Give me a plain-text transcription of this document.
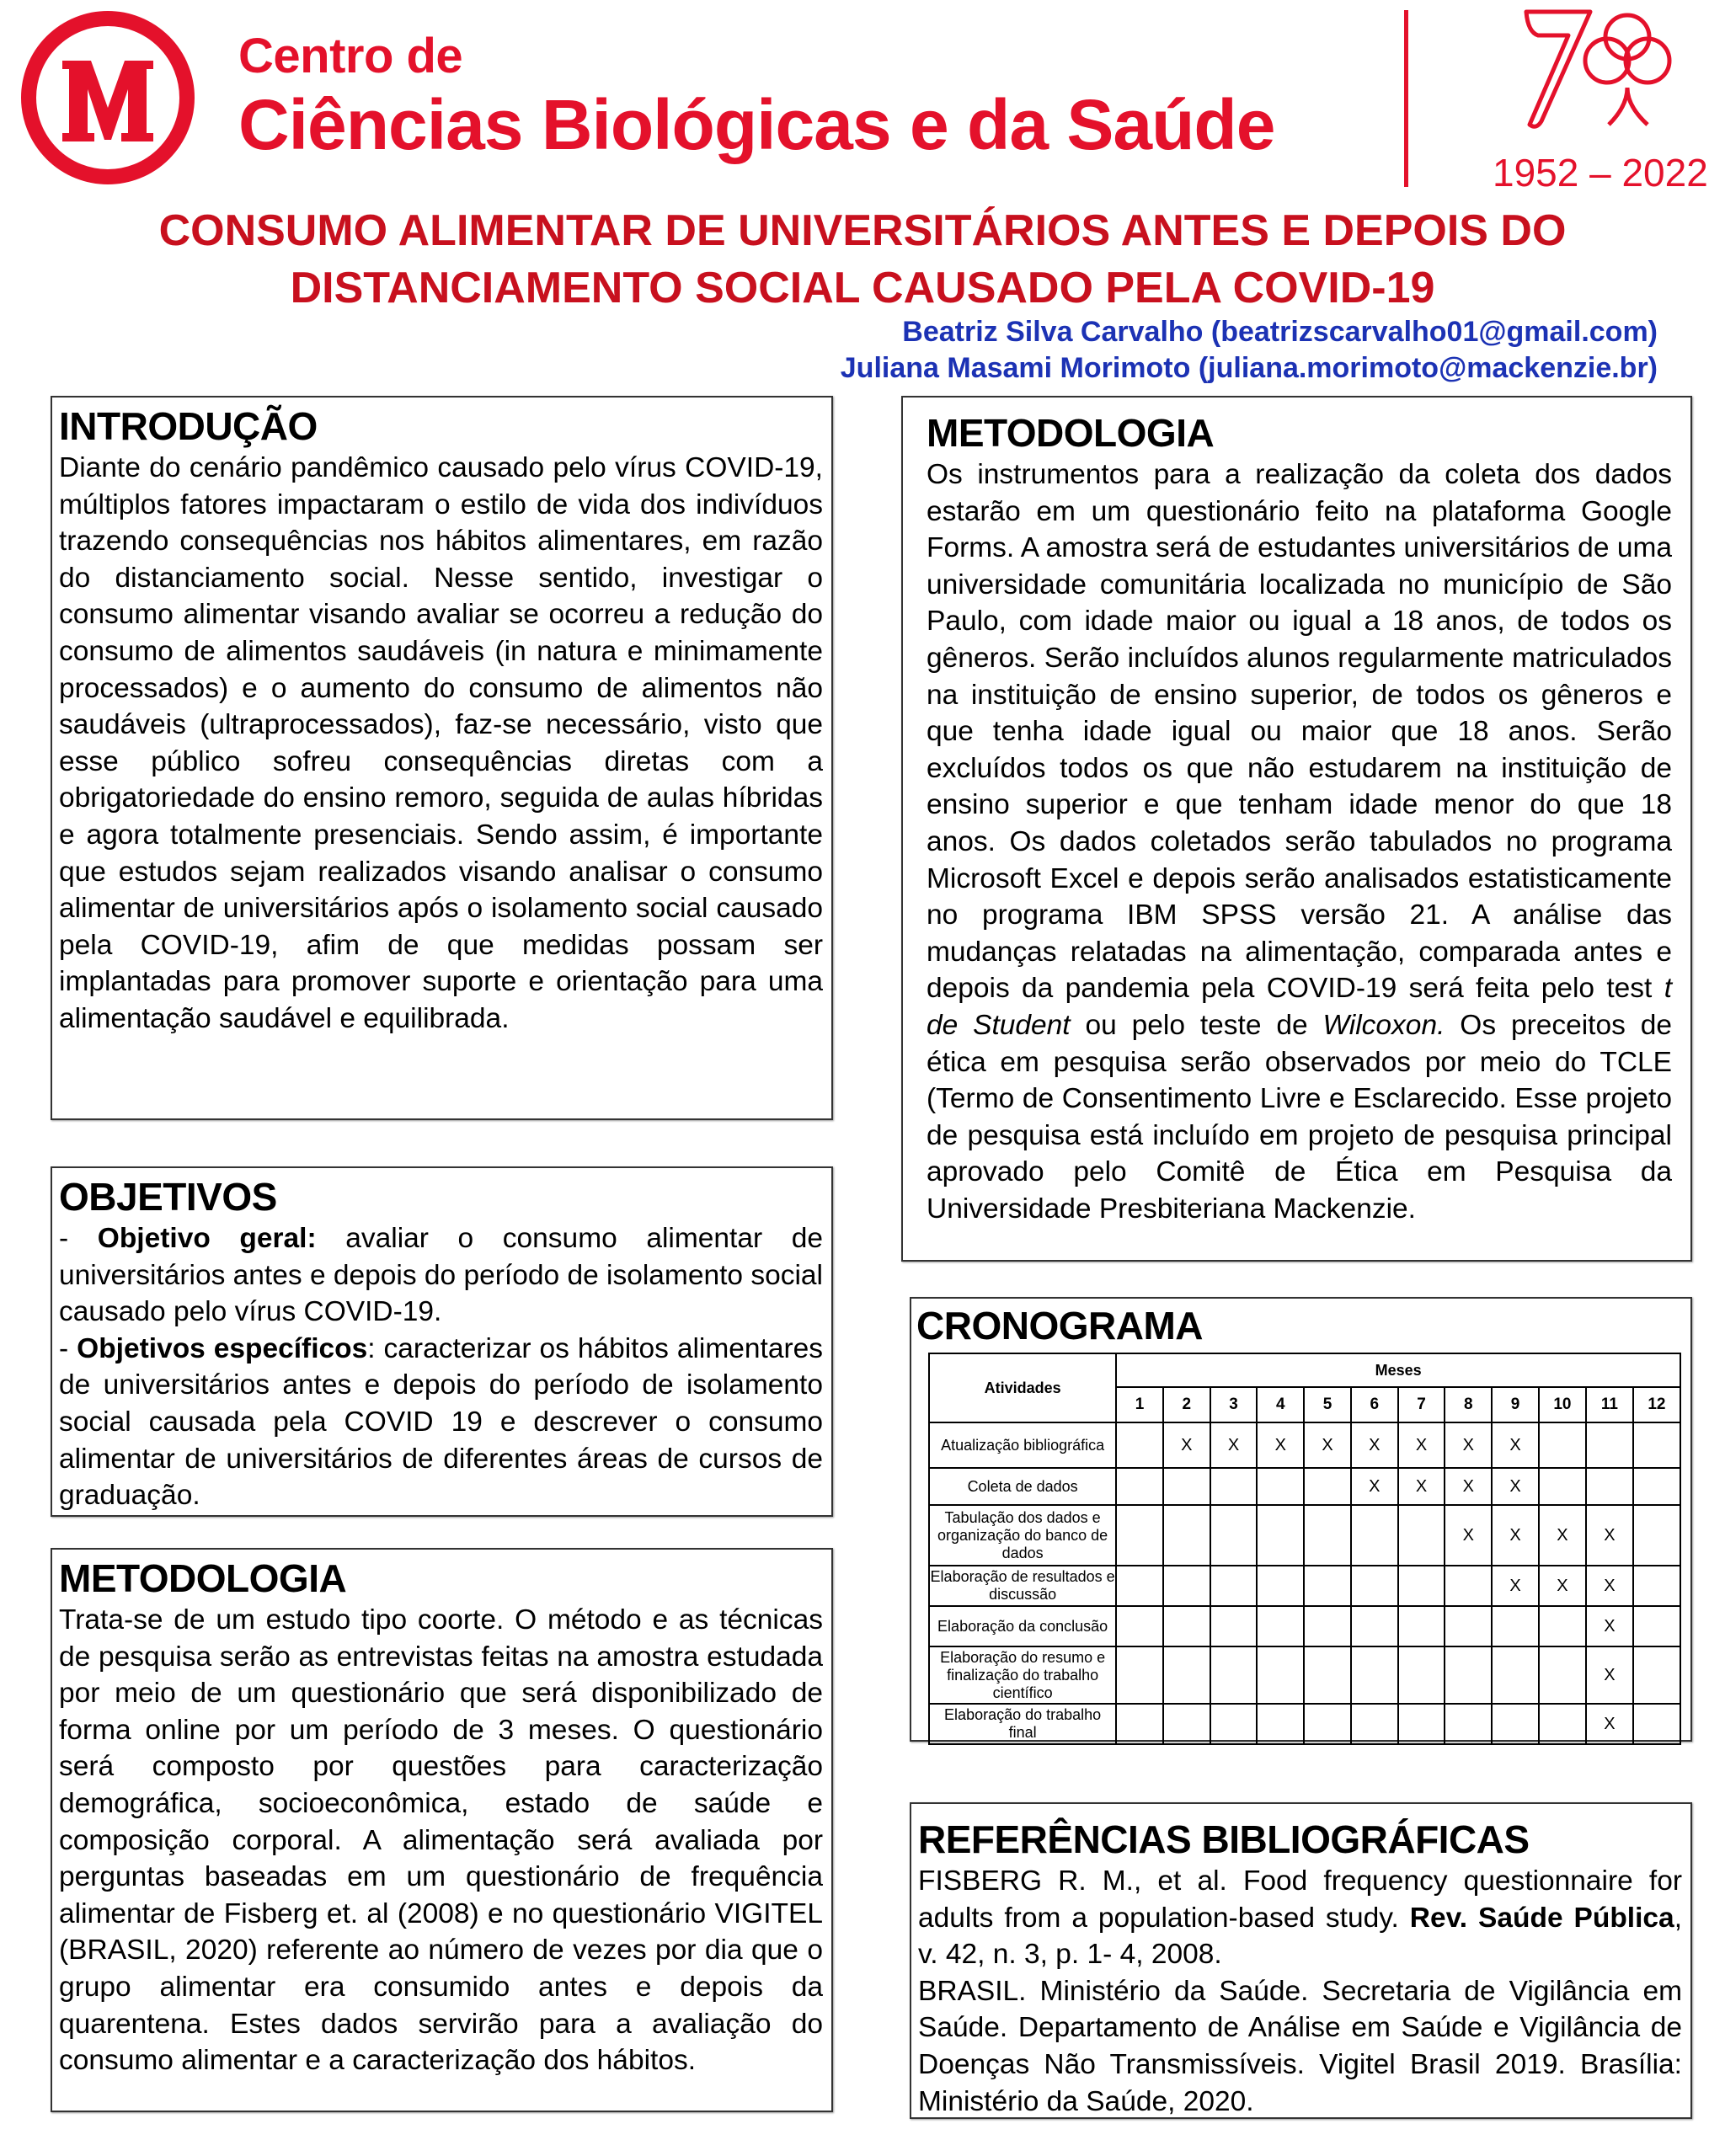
Centro de
Ciências Biológicas e da Saúde
1952 – 2022
CONSUMO ALIMENTAR DE UNIVERSITÁRIOS ANTES E DEPOIS DO
DISTANCIAMENTO SOCIAL CAUSADO PELA COVID-19
Beatriz Silva Carvalho (beatrizscarvalho01@gmail.com)
Juliana Masami Morimoto (juliana.morimoto@mackenzie.br)
INTRODUÇÃO

Diante do cenário pandêmico causado pelo vírus COVID-19, múltiplos fatores impactaram o estilo de vida dos indivíduos trazendo consequências nos hábitos alimentares, em razão do distanciamento social. Nesse sentido, investigar o consumo alimentar visando avaliar se ocorreu a redução do consumo de alimentos saudáveis (in natura e minimamente processados) e o aumento do consumo de alimentos não saudáveis (ultraprocessados), faz-se necessário, visto que esse público sofreu consequências diretas com a obrigatoriedade do ensino remoro, seguida de aulas híbridas e agora totalmente presenciais. Sendo assim, é importante que estudos sejam realizados visando analisar o consumo alimentar de universitários após o isolamento social causado pela COVID-19, afim de que medidas possam ser implantadas para promover suporte e orientação para uma alimentação saudável e equilibrada.

OBJETIVOS

- Objetivo geral: avaliar o consumo alimentar de universitários antes e depois do período de isolamento social causado pelo vírus COVID-19.

- Objetivos específicos: caracterizar os hábitos alimentares de universitários antes e depois do período de isolamento social causada pela COVID 19 e descrever o consumo alimentar de universitários de diferentes áreas de cursos de graduação.

METODOLOGIA

Trata-se de um estudo tipo coorte. O método e as técnicas de pesquisa serão as entrevistas feitas na amostra estudada por meio de um questionário que será disponibilizado de forma online por um período de 3 meses. O questionário será composto por questões para caracterização demográfica, socioeconômica, estado de saúde e composição corporal. A alimentação será avaliada por perguntas baseadas em um questionário de frequência alimentar de Fisberg et. al (2008) e no questionário VIGITEL (BRASIL, 2020) referente ao número de vezes por dia que o grupo alimentar era consumido antes e depois da quarentena. Estes dados servirão para a avaliação do consumo alimentar e a caracterização dos hábitos.

METODOLOGIA

Os instrumentos para a realização da coleta dos dados estarão em um questionário feito na plataforma Google Forms. A amostra será de estudantes universitários de uma universidade comunitária localizada no município de São Paulo, com idade maior ou igual a 18 anos, de todos os gêneros. Serão incluídos alunos regularmente matriculados na instituição de ensino superior, de todos os gêneros e que tenha idade igual ou maior que 18 anos. Serão excluídos todos os que não estudarem na instituição de ensino superior e que tenham idade menor do que 18 anos. Os dados coletados serão tabulados no programa Microsoft Excel e depois serão analisados estatisticamente no programa IBM SPSS versão 21. A análise das mudanças relatadas na alimentação, comparada antes e depois da pandemia pela COVID-19 será feita pelo test t de Student ou pelo teste de Wilcoxon. Os preceitos de ética em pesquisa serão observados por meio do TCLE (Termo de Consentimento Livre e Esclarecido. Esse projeto de pesquisa está incluído em projeto de pesquisa principal aprovado pelo Comitê de Ética em Pesquisa da Universidade Presbiteriana Mackenzie.

CRONOGRAMA
Atividades	Meses											
	1	2	3	4	5	6	7	8	9	10	11	12
Atualização bibliográfica		X	X	X	X	X	X	X	X			
Coleta de dados						X	X	X	X			
Tabulação dos dados e organização do banco de dados								X	X	X	X	
Elaboração de resultados e discussão									X	X	X	
Elaboração da conclusão											X	
Elaboração do resumo e finalização do trabalho científico											X	
Elaboração do trabalho final											X	
REFERÊNCIAS BIBLIOGRÁFICAS

FISBERG R. M., et al. Food frequency questionnaire for adults from a population-based study. Rev. Saúde Pública, v. 42, n. 3, p. 1- 4, 2008.

BRASIL. Ministério da Saúde. Secretaria de Vigilância em Saúde. Departamento de Análise em Saúde e Vigilância de Doenças Não Transmissíveis. Vigitel Brasil 2019. Brasília: Ministério da Saúde, 2020.
